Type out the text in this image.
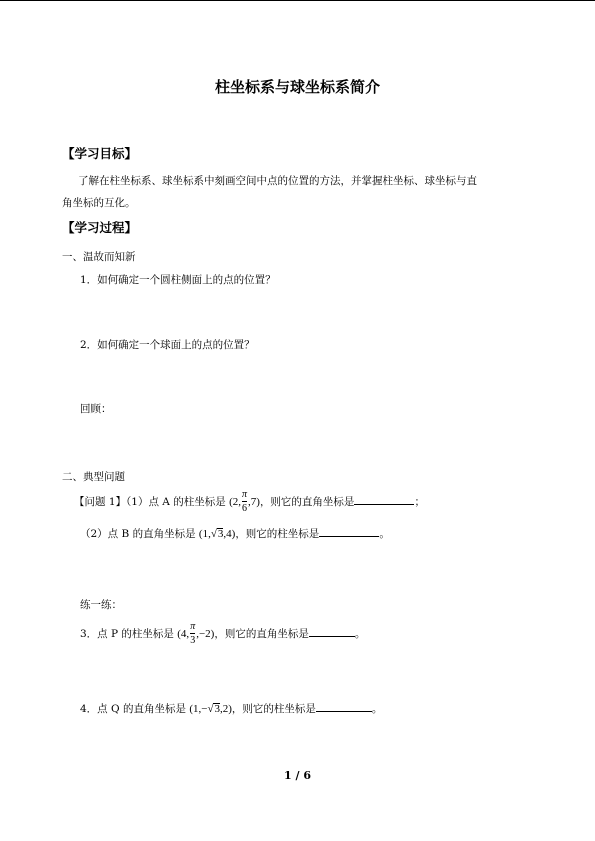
柱坐标系与球坐标系简介
【学习目标】
了解在柱坐标系、球坐标系中刻画空间中点的位置的方法，并掌握柱坐标、球坐标与直
角坐标的互化。
【学习过程】
一、温故而知新
1．如何确定一个圆柱侧面上的点的位置？
2．如何确定一个球面上的点的位置？
回顾：
二、典型问题
【问题 1】（1）点 A 的柱坐标是 (2, $\frac{\pi}{6} ,7$)，则它的直角坐标是	；
（2）点 B 的直角坐标是 (1,√3,4)，则它的柱坐标是	。
练一练：
3．点 P 的柱坐标是 (4, $\frac{\pi}{3} ,-2$)，则它的直角坐标是	。
4．点 Q 的直角坐标是 (1,−√3,2)，则它的柱坐标是	。
1 / 6
